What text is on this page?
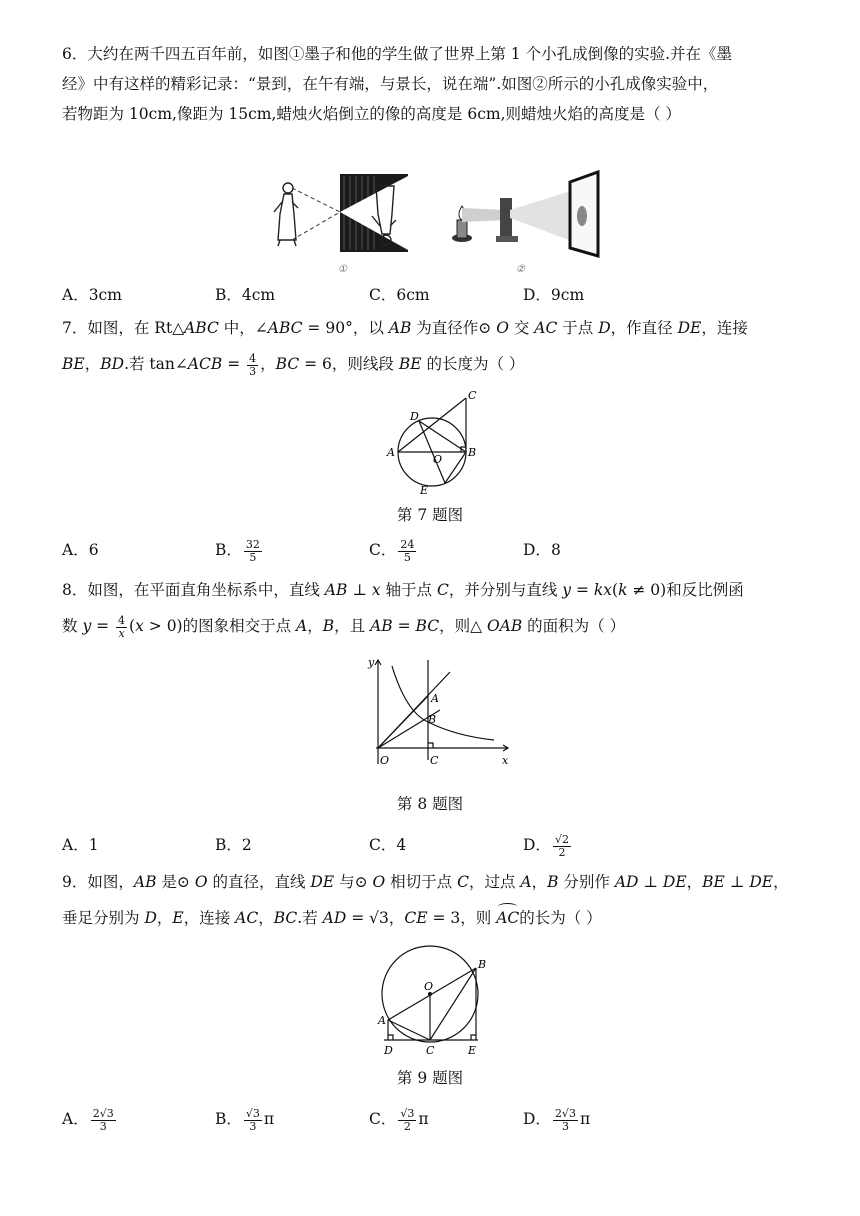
6．大约在两千四五百年前，如图①墨子和他的学生做了世界上第 1 个小孔成倒像的实验.并在《墨
经》中有这样的精彩记录：“景到，在午有端，与景长，说在端”.如图②所示的小孔成像实验中，
若物距为 10cm,像距为 15cm,蜡烛火焰倒立的像的高度是 6cm,则蜡烛火焰的高度是（ ）
①	②
A．3cm	B．4cm	C．6cm	D．9cm
7．如图，在 Rt△ABC 中，∠ABC = 90°，以 AB 为直径作⊙ O 交 AC 于点 D，作直径 DE，连接
BE，BD.若 tan∠ACB = $\frac{4}{3}$ ，BC = 6，则线段 BE 的长度为（ ）
A	B
C
D
O
E
第 7 题图
A．6	B． $\frac{32}{5}$	C． $\frac{24}{5}$	D．8
8．如图，在平面直角坐标系中，直线 AB ⊥ x 轴于点 C，并分别与直线 y = kx(k ≠ 0)和反比例函
数 $y = \frac{4}{x} (x > 0)$的图象相交于点 A，B，且 AB = BC，则△ OAB 的面积为（ ）
y
x
O	C
A
B
第 8 题图
A．1	B．2	C．4	D． $\frac{√2}{2}$
9．如图，AB 是⊙ O 的直径，直线 DE 与⊙ O 相切于点 C，过点 A，B 分别作 AD ⊥ DE，BE ⊥ DE，
垂足分别为 D，E，连接 AC，BC.若 AD = √3，CE = 3，则 AC的长为（ ）
O
A
B
D	C	E
第 9 题图
A． $\frac{2√3}{3}$	B． $\frac{√3}{3}$ π	C． $\frac{√3}{2}$ π	D． $\frac{2√3}{3}$ π
